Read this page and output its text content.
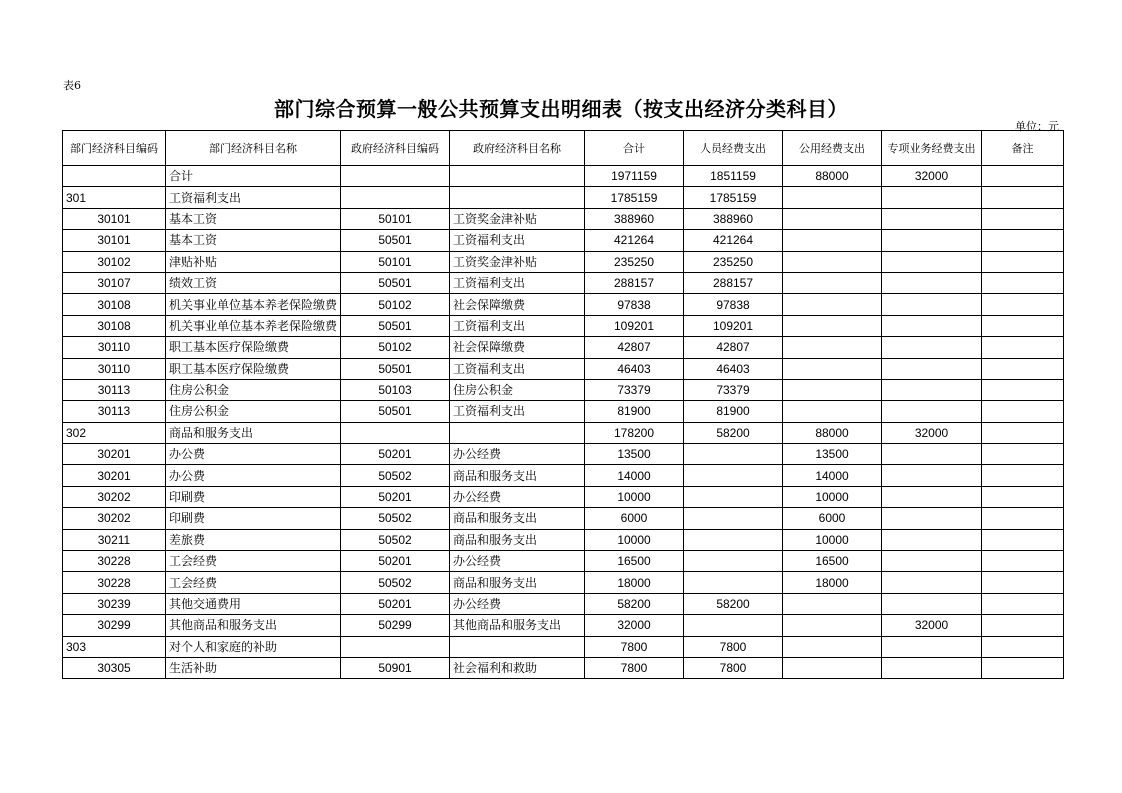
表6
部门综合预算一般公共预算支出明细表（按支出经济分类科目）
单位：元
部门经济科目编码	部门经济科目名称	政府经济科目编码	政府经济科目名称	合计	人员经费支出	公用经费支出	专项业务经费支出	备注
	合计			1971159	1851159	88000	32000	
301	工资福利支出			1785159	1785159			
30101	基本工资	50101	工资奖金津补贴	388960	388960			
30101	基本工资	50501	工资福利支出	421264	421264			
30102	津贴补贴	50101	工资奖金津补贴	235250	235250			
30107	绩效工资	50501	工资福利支出	288157	288157			
30108	机关事业单位基本养老保险缴费	50102	社会保障缴费	97838	97838			
30108	机关事业单位基本养老保险缴费	50501	工资福利支出	109201	109201			
30110	职工基本医疗保险缴费	50102	社会保障缴费	42807	42807			
30110	职工基本医疗保险缴费	50501	工资福利支出	46403	46403			
30113	住房公积金	50103	住房公积金	73379	73379			
30113	住房公积金	50501	工资福利支出	81900	81900			
302	商品和服务支出			178200	58200	88000	32000	
30201	办公费	50201	办公经费	13500		13500		
30201	办公费	50502	商品和服务支出	14000		14000		
30202	印刷费	50201	办公经费	10000		10000		
30202	印刷费	50502	商品和服务支出	6000		6000		
30211	差旅费	50502	商品和服务支出	10000		10000		
30228	工会经费	50201	办公经费	16500		16500		
30228	工会经费	50502	商品和服务支出	18000		18000		
30239	其他交通费用	50201	办公经费	58200	58200			
30299	其他商品和服务支出	50299	其他商品和服务支出	32000			32000	
303	对个人和家庭的补助			7800	7800			
30305	生活补助	50901	社会福利和救助	7800	7800			
